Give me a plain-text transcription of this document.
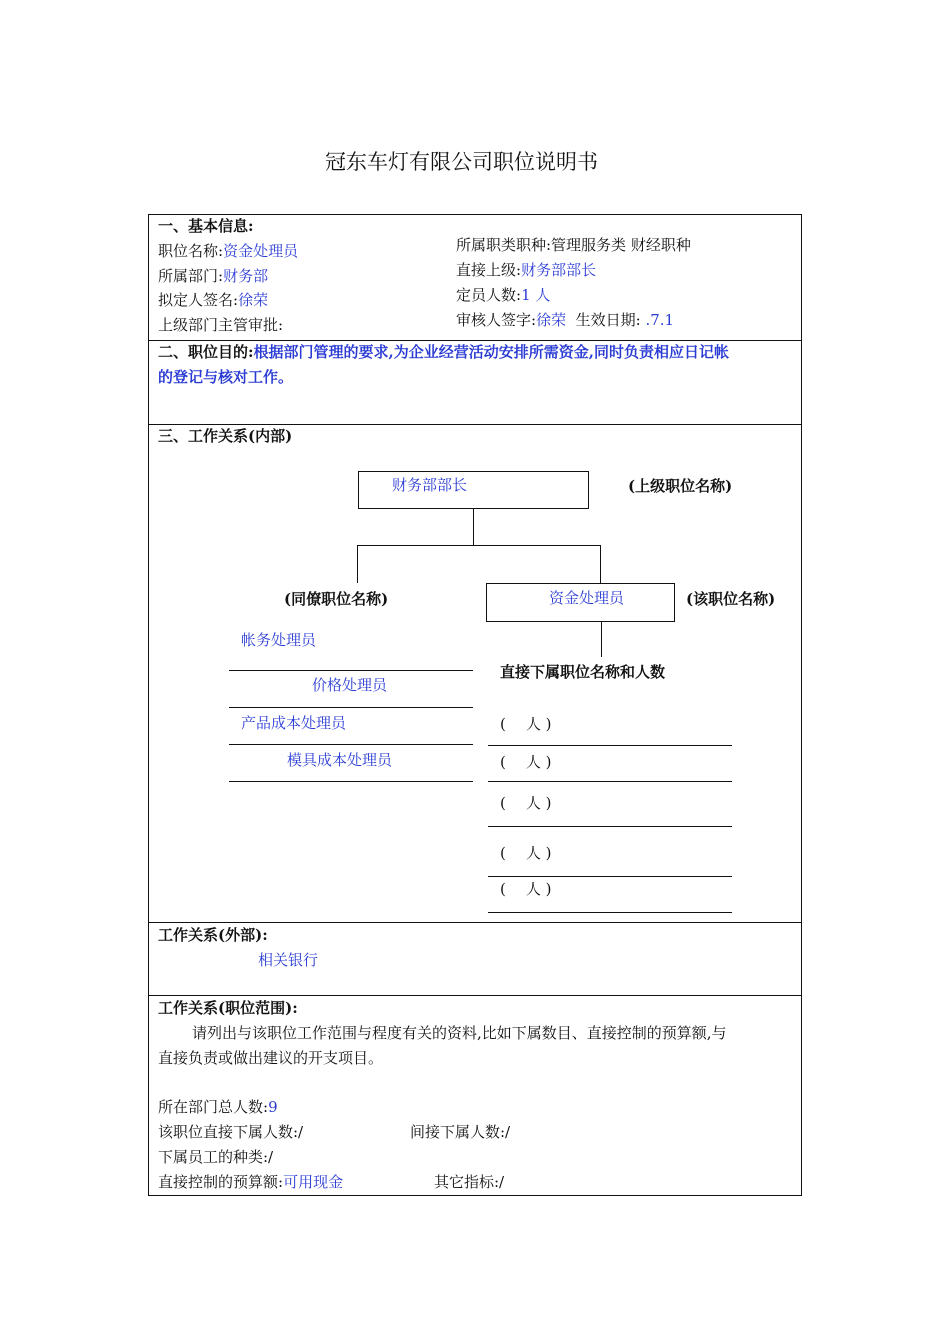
冠东车灯有限公司职位说明书
一、基本信息:
职位名称:资金处理员
所属部门:财务部
拟定人签名:徐荣
上级部门主管审批:
所属职类职种:管理服务类 财经职种
直接上级:财务部部长
定员人数:1 人
审核人签字:徐荣 生效日期: .7.1
二、职位目的:根据部门管理的要求,为企业经营活动安排所需资金,同时负责相应日记帐
的登记与核对工作。
三、工作关系(内部)
财务部部长	(上级职位名称)
(同僚职位名称)	资金处理员	(该职位名称)
直接下属职位名称和人数
帐务处理员
价格处理员
产品成本处理员
模具成本处理员
( 人 )
( 人 )
( 人 )
( 人 )
( 人 )
工作关系(外部):
相关银行
工作关系(职位范围):
请列出与该职位工作范围与程度有关的资料,比如下属数目、直接控制的预算额,与
直接负责或做出建议的开支项目。
所在部门总人数:9
该职位直接下属人数:/	间接下属人数:/
下属员工的种类:/
直接控制的预算额:可用现金	其它指标:/
